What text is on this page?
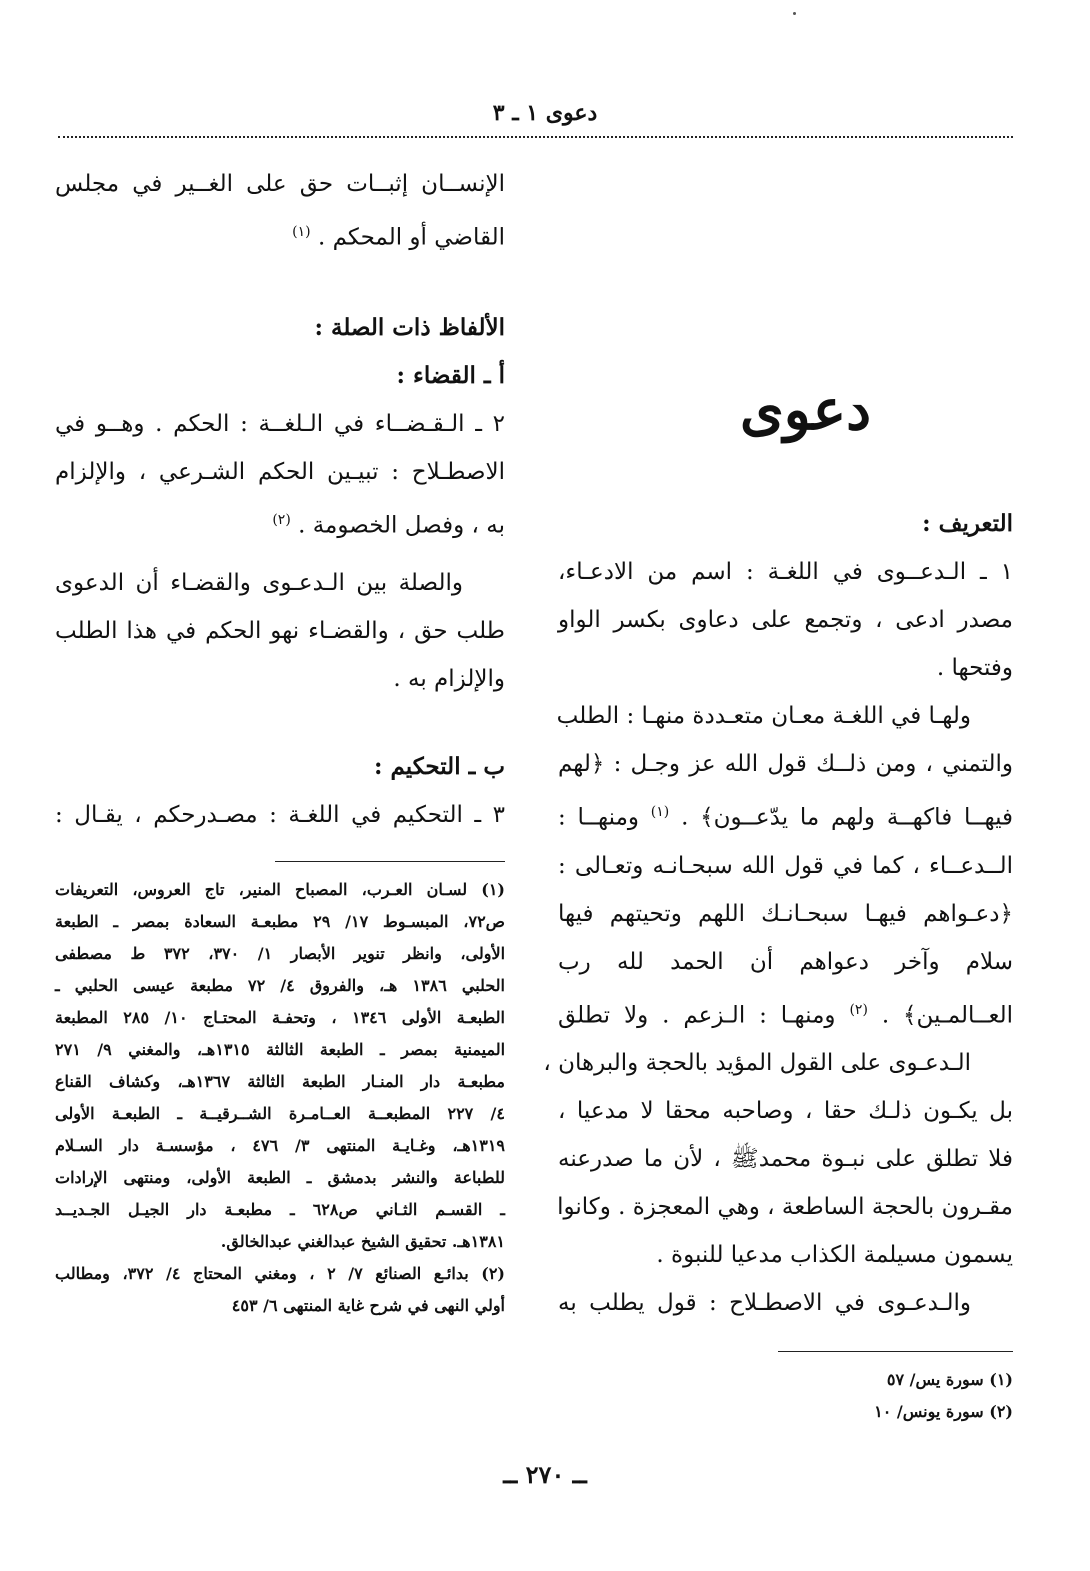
دعوى ١ ـ ٣
الإنســان إثبــات حق على الغــير في مجلس
القاضي أو المحكم . $^{(١)}$
الألفاظ ذات الصلة :
أ ـ القضاء :
٢ ـ الـقـضــاء في الـلغــة : الحكم . وهــو في
الاصطـلاح : تبيـين الحكم الشـرعي ، والإلزام
به ، وفصل الخصومة . $^{(٢)}$
والصلة بين الـدعـوى والقضـاء أن الدعوى
طلب حق ، والقضـاء نهو الحكم في هذا الطلب
والإلزام به .
ب ـ التحكيم :
٣ ـ التحكيم في اللغـة : مصـدرحكم ، يقـال :
(١) لسـان العـرب، المصباح المنير، تاج العروس، التعريفات
ص٧٢، المبسـوط ١٧/ ٢٩ مطبعـة السعادة بمصر ـ الطبعة
الأولى، وانظر تنوير الأبصار ١/ ٣٧٠، ٣٧٢ ط مصطفى
الحلبي ١٣٨٦ هـ، والفروق ٤/ ٧٢ مطبعة عيسى الحلبي ـ
الطبعـة الأولى ١٣٤٦ ، وتحفـة المحتـاج ١٠/ ٢٨٥ المطبعة
الميمنية بمصر ـ الطبعة الثالثة ١٣١٥هـ، والمغني ٩/ ٢٧١
مطبعـة دار المنـار الطبعة الثالثة ١٣٦٧هـ، وكشاف القناع
٤/ ٢٢٧ المطبعــة العــامـرة الشــرقيــة ـ الطبعـة الأولى
١٣١٩هـ، وغـايـة المنتهى ٣/ ٤٧٦ ، مؤسسـة دار السـلام
للطباعة والنشر بدمشق ـ الطبعة الأولى، ومنتهى الإرادات
ـ القسـم الثـاني ص٦٢٨ ـ مطبعـة دار الجيـل الجـديــد
١٣٨١هـ. تحقيق الشيخ عبدالغني عبدالخالق.
(٢) بدائـع الصنائع ٧/ ٢ ، ومغني المحتاج ٤/ ٣٧٢، ومطالب
أولي النهى في شرح غاية المنتهى ٦/ ٤٥٣
دعوى
التعريف :
١ ـ الـدعــوى في اللغـة : اسم من الادعـاء،
مصدر ادعى ، وتجمع على دعاوى بكسر الواو
وفتحها .
ولهـا في اللغـة معـان متعـددة منهـا : الطلب
والتمني ، ومن ذلــك قول الله عز وجـل : ﴿لهم
فيهــا فاكهــة ولهم ما يدّعــون﴾ . $^{(١)}$ ومنهــا :
الــدعــاء ، كما في قول الله سبحـانـه وتعـالى :
﴿دعـواهم فيهـا سبحـانـك اللهم وتحيتهم فيها
سلام وآخر دعواهم أن الحمد لله رب
العــالمـين﴾ . $^{(٢)}$ ومنهـا : الـزعم . ولا تطلق
الـدعـوى على القول المؤيد بالحجة والبرهان ،
بل يكـون ذلـك حقا ، وصاحبه محقا لا مدعيا ،
فلا تطلق على نبـوة محمدﷺ ، لأن ما صدرعنه
مقـرون بالحجة الساطعة ، وهي المعجزة . وكانوا
يسمون مسيلمة الكذاب مدعيا للنبوة .
والـدعـوى في الاصطـلاح : قول يطلب به
(١) سورة يس/ ٥٧
(٢) سورة يونس/ ١٠
ــ ٢٧٠ ــ
